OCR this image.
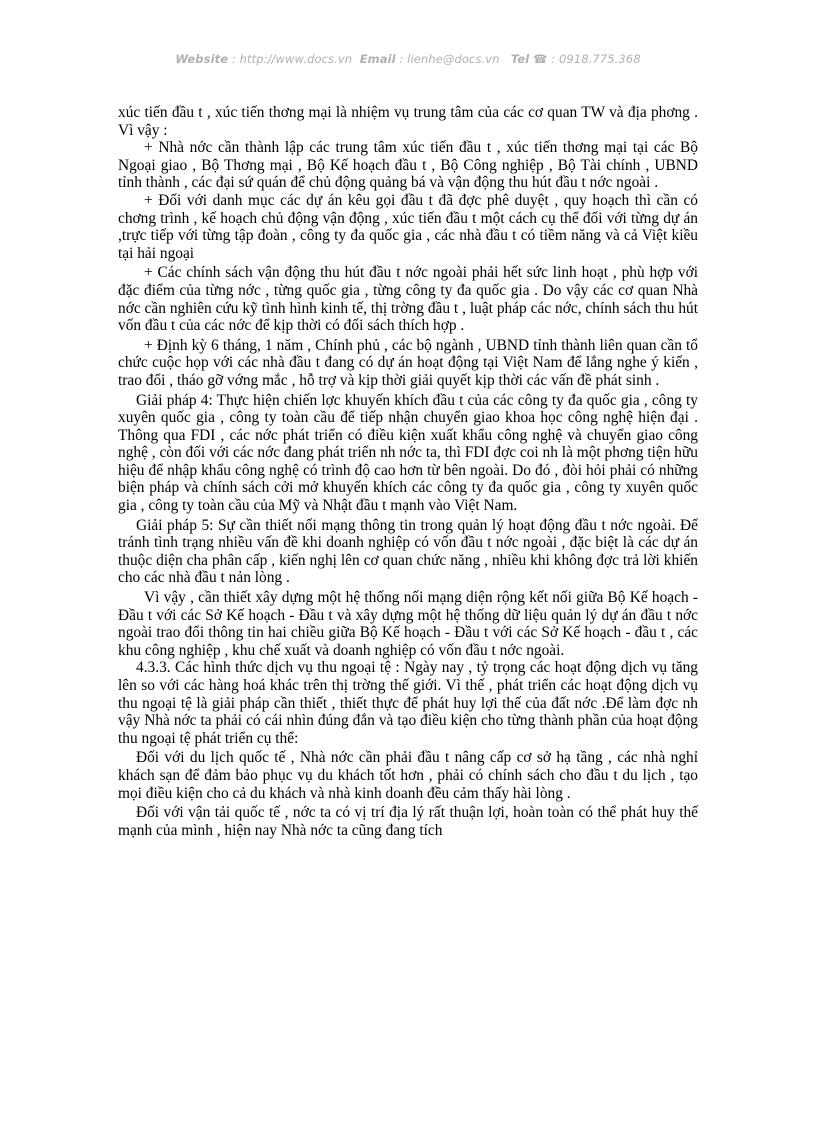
Website : http://www.docs.vn Email : lienhe@docs.vn Tel ☎ : 0918.775.368

xúc tiến đầu t , xúc tiến thơng mại là nhiệm vụ trung tâm của các cơ quan TW và địa phơng . Vì vậy :

+ Nhà nớc cần thành lập các trung tâm xúc tiến đầu t , xúc tiến thơng mại tại các Bộ Ngoại giao , Bộ Thơng mại , Bộ Kế hoạch đầu t , Bộ Công nghiệp , Bộ Tài chính , UBND tỉnh thành , các đại sứ quán để chủ động quảng bá và vận động thu hút đầu t nớc ngoài .

+ Đối với danh mục các dự án kêu gọi đầu t đã đợc phê duyệt , quy hoạch thì cần có chơng trình , kế hoạch chủ động vận động , xúc tiến đầu t một cách cụ thể đối với từng dự án ,trực tiếp với từng tập đoàn , công ty đa quốc gia , các nhà đầu t có tiềm năng và cả Việt kiều tại hải ngoại

+ Các chính sách vận động thu hút đầu t nớc ngoài phải hết sức linh hoạt , phù hợp với đặc điểm của từng nớc , từng quốc gia , từng công ty đa quốc gia . Do vậy các cơ quan Nhà nớc cần nghiên cứu kỹ tình hình kinh tế, thị trờng đầu t , luật pháp các nớc, chính sách thu hút vốn đầu t của các nớc để kịp thời có đối sách thích hợp .

+ Định kỳ 6 tháng, 1 năm , Chính phủ , các bộ ngành , UBND tỉnh thành liên quan cần tổ chức cuộc họp với các nhà đầu t đang có dự án hoạt động tại Việt Nam để lắng nghe ý kiến , trao đổi , tháo gỡ vớng mắc , hỗ trợ và kịp thời giải quyết kịp thời các vấn đề phát sinh .

Giải pháp 4: Thực hiện chiến lợc khuyến khích đầu t của các công ty đa quốc gia , công ty xuyên quốc gia , công ty toàn cầu để tiếp nhận chuyển giao khoa học công nghệ hiện đại . Thông qua FDI , các nớc phát triển có điều kiện xuất khẩu công nghệ và chuyển giao công nghệ , còn đối với các nớc đang phát triển nh nớc ta, thì FDI đợc coi nh là một phơng tiện hữu hiệu để nhập khẩu công nghệ có trình độ cao hơn từ bên ngoài. Do đó , đòi hỏi phải có những biện pháp và chính sách cởi mở khuyến khích các công ty đa quốc gia , công ty xuyên quốc gia , công ty toàn cầu của Mỹ và Nhật đầu t mạnh vào Việt Nam.

Giải pháp 5: Sự cần thiết nối mạng thông tin trong quản lý hoạt động đầu t nớc ngoài. Để tránh tình trạng nhiều vấn đề khi doanh nghiệp có vốn đầu t nớc ngoài , đặc biệt là các dự án thuộc diện cha phân cấp , kiến nghị lên cơ quan chức năng , nhiều khi không đợc trả lời khiến cho các nhà đầu t nản lòng .

Vì vậy , cần thiết xây dựng một hệ thống nối mạng diện rộng kết nối giữa Bộ Kế hoạch - Đầu t với các Sở Kế hoạch - Đầu t và xây dựng một hệ thống dữ liệu quản lý dự án đầu t nớc ngoài trao đổi thông tin hai chiều giữa Bộ Kế hoạch - Đầu t với các Sở Kế hoạch - đầu t , các khu công nghiệp , khu chế xuất và doanh nghiệp có vốn đầu t nớc ngoài.

4.3.3. Các hình thức dịch vụ thu ngoại tệ : Ngày nay , tỷ trọng các hoạt động dịch vụ tăng lên so với các hàng hoá khác trên thị trờng thế giới. Vì thế , phát triển các hoạt động dịch vụ thu ngoại tệ là giải pháp cần thiết , thiết thực để phát huy lợi thế của đất nớc .Để làm đợc nh vậy Nhà nớc ta phải có cái nhìn đúng đắn và tạo điều kiện cho từng thành phần của hoạt động thu ngoại tệ phát triển cụ thể:

Đối với du lịch quốc tế , Nhà nớc cần phải đầu t nâng cấp cơ sở hạ tầng , các nhà nghỉ khách sạn để đảm bảo phục vụ du khách tốt hơn , phải có chính sách cho đầu t du lịch , tạo mọi điều kiện cho cả du khách và nhà kinh doanh đều cảm thấy hài lòng .

Đối với vận tải quốc tế , nớc ta có vị trí địa lý rất thuận lợi, hoàn toàn có thể phát huy thế mạnh của mình , hiện nay Nhà nớc ta cũng đang tích
